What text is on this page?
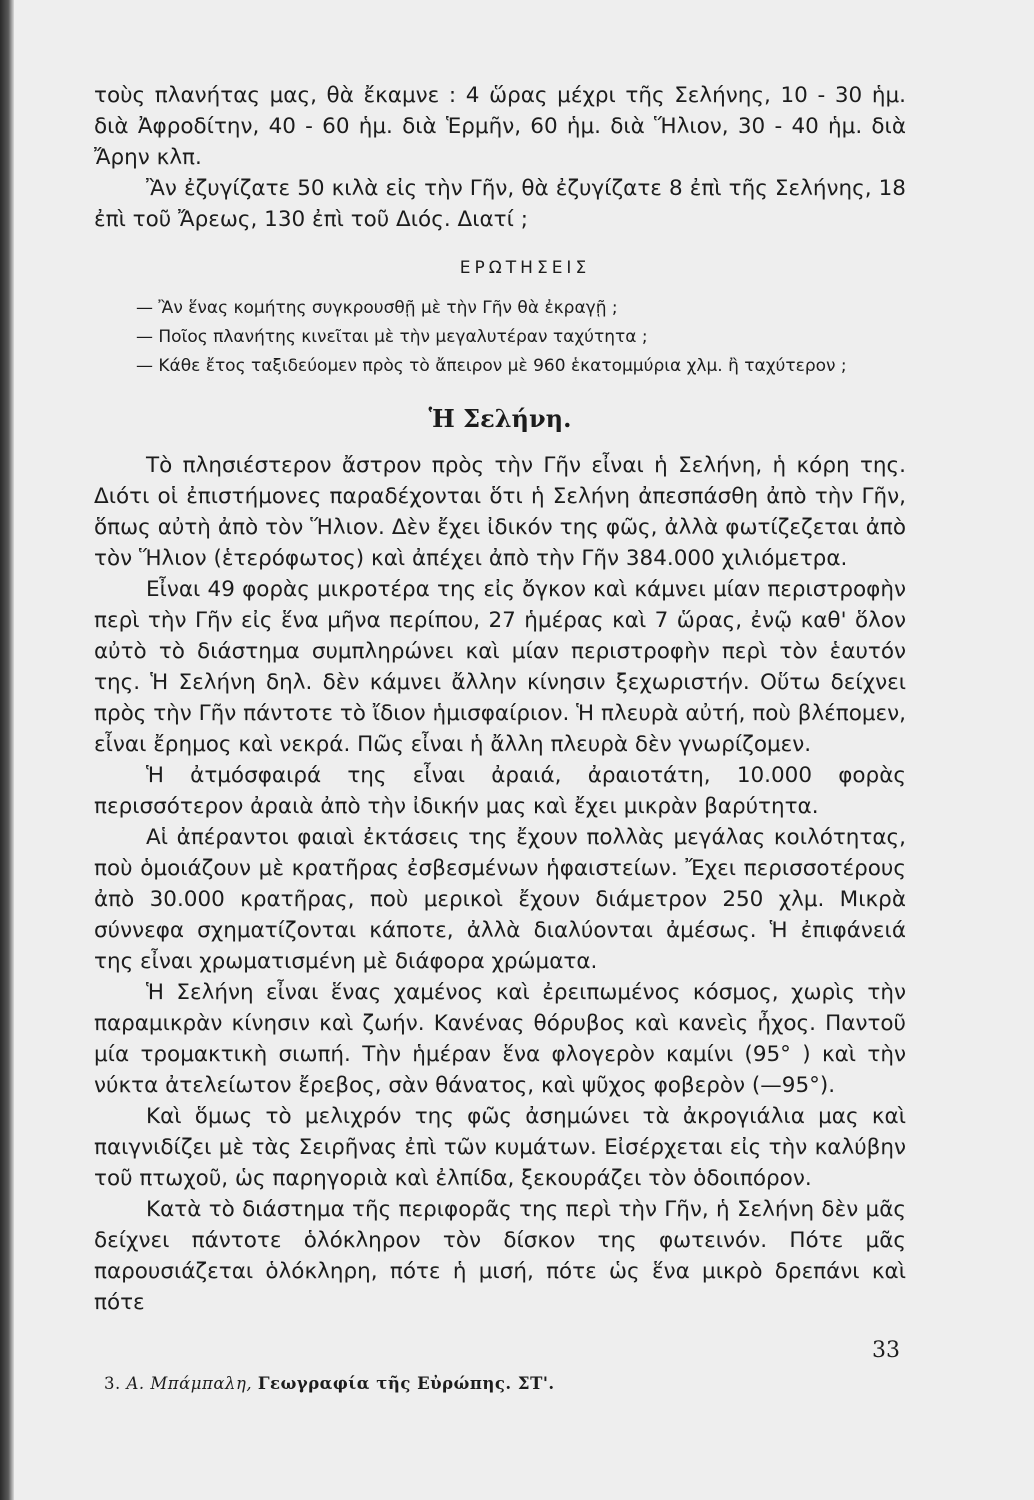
τοὺς πλανήτας μας, θὰ ἔκαμνε : 4 ὥρας μέχρι τῆς Σελήνης, 10 - 30 ἡμ. διὰ Ἀφροδίτην, 40 - 60 ἡμ. διὰ Ἑρμῆν, 60 ἡμ. διὰ Ἥλιον, 30 - 40 ἡμ. διὰ Ἄρην κλπ.

Ἂν ἐζυγίζατε 50 κιλὰ εἰς τὴν Γῆν, θὰ ἐζυγίζατε 8 ἐπὶ τῆς Σελήνης, 18 ἐπὶ τοῦ Ἄρεως, 130 ἐπὶ τοῦ Διός. Διατί ;

ΕΡΩΤΗΣΕΙΣ
— Ἂν ἕνας κομήτης συγκρουσθῇ μὲ τὴν Γῆν θὰ ἐκραγῇ ;
— Ποῖος πλανήτης κινεῖται μὲ τὴν μεγαλυτέραν ταχύτητα ;
— Κάθε ἔτος ταξιδεύομεν πρὸς τὸ ἄπειρον μὲ 960 ἑκατομμύρια χλμ. ἢ ταχύτερον ;
Ἡ Σελήνη.

Τὸ πλησιέστερον ἄστρον πρὸς τὴν Γῆν εἶναι ἡ Σελήνη, ἡ κόρη της. Διότι οἱ ἐπιστήμονες παραδέχονται ὅτι ἡ Σελήνη ἀπεσπάσθη ἀπὸ τὴν Γῆν, ὅπως αὐτὴ ἀπὸ τὸν Ἥλιον. Δὲν ἔχει ἰδικόν της φῶς, ἀλλὰ φωτίζεζεται ἀπὸ τὸν Ἥλιον (ἑτερόφωτος) καὶ ἀπέχει ἀπὸ τὴν Γῆν 384.000 χιλιόμετρα.

Εἶναι 49 φορὰς μικροτέρα της εἰς ὄγκον καὶ κάμνει μίαν περιστροφὴν περὶ τὴν Γῆν εἰς ἕνα μῆνα περίπου, 27 ἡμέρας καὶ 7 ὥρας, ἐνῷ καθ' ὅλον αὐτὸ τὸ διάστημα συμπληρώνει καὶ μίαν περιστροφὴν περὶ τὸν ἑαυτόν της. Ἡ Σελήνη δηλ. δὲν κάμνει ἄλλην κίνησιν ξεχωριστήν. Οὕτω δείχνει πρὸς τὴν Γῆν πάντοτε τὸ ἴδιον ἡμισφαίριον. Ἡ πλευρὰ αὐτή, ποὺ βλέπομεν, εἶναι ἔρημος καὶ νεκρά. Πῶς εἶναι ἡ ἄλλη πλευρὰ δὲν γνωρίζομεν.

Ἡ ἀτμόσφαιρά της εἶναι ἀραιά, ἀραιοτάτη, 10.000 φορὰς περισσότερον ἀραιὰ ἀπὸ τὴν ἰδικήν μας καὶ ἔχει μικρὰν βαρύτητα.

Αἱ ἀπέραντοι φαιαὶ ἐκτάσεις της ἔχουν πολλὰς μεγάλας κοιλότητας, ποὺ ὁμοιάζουν μὲ κρατῆρας ἐσβεσμένων ἡφαιστείων. Ἔχει περισσοτέρους ἀπὸ 30.000 κρατῆρας, ποὺ μερικοὶ ἔχουν διάμετρον 250 χλμ. Μικρὰ σύννεφα σχηματίζονται κάποτε, ἀλλὰ διαλύονται ἀμέσως. Ἡ ἐπιφάνειά της εἶναι χρωματισμένη μὲ διάφορα χρώματα.

Ἡ Σελήνη εἶναι ἕνας χαμένος καὶ ἐρειπωμένος κόσμος, χωρὶς τὴν παραμικρὰν κίνησιν καὶ ζωήν. Κανένας θόρυβος καὶ κανεὶς ἦχος. Παντοῦ μία τρομακτικὴ σιωπή. Τὴν ἡμέραν ἕνα φλογερὸν καμίνι (95° ) καὶ τὴν νύκτα ἀτελείωτον ἔρεβος, σὰν θάνατος, καὶ ψῦχος φοβερὸν (—95°).

Καὶ ὅμως τὸ μελιχρόν της φῶς ἀσημώνει τὰ ἀκρογιάλια μας καὶ παιγνιδίζει μὲ τὰς Σειρῆνας ἐπὶ τῶν κυμάτων. Εἰσέρχεται εἰς τὴν καλύβην τοῦ πτωχοῦ, ὡς παρηγοριὰ καὶ ἐλπίδα, ξεκουράζει τὸν ὁδοιπόρον.

Κατὰ τὸ διάστημα τῆς περιφορᾶς της περὶ τὴν Γῆν, ἡ Σελήνη δὲν μᾶς δείχνει πάντοτε ὁλόκληρον τὸν δίσκον της φωτεινόν. Πότε μᾶς παρουσιάζεται ὁλόκληρη, πότε ἡ μισή, πότε ὡς ἕνα μικρὸ δρεπάνι καὶ πότε

33
3. Α. Μπάμπαλη, Γεωγραφία τῆς Εὐρώπης. ΣΤ'.
